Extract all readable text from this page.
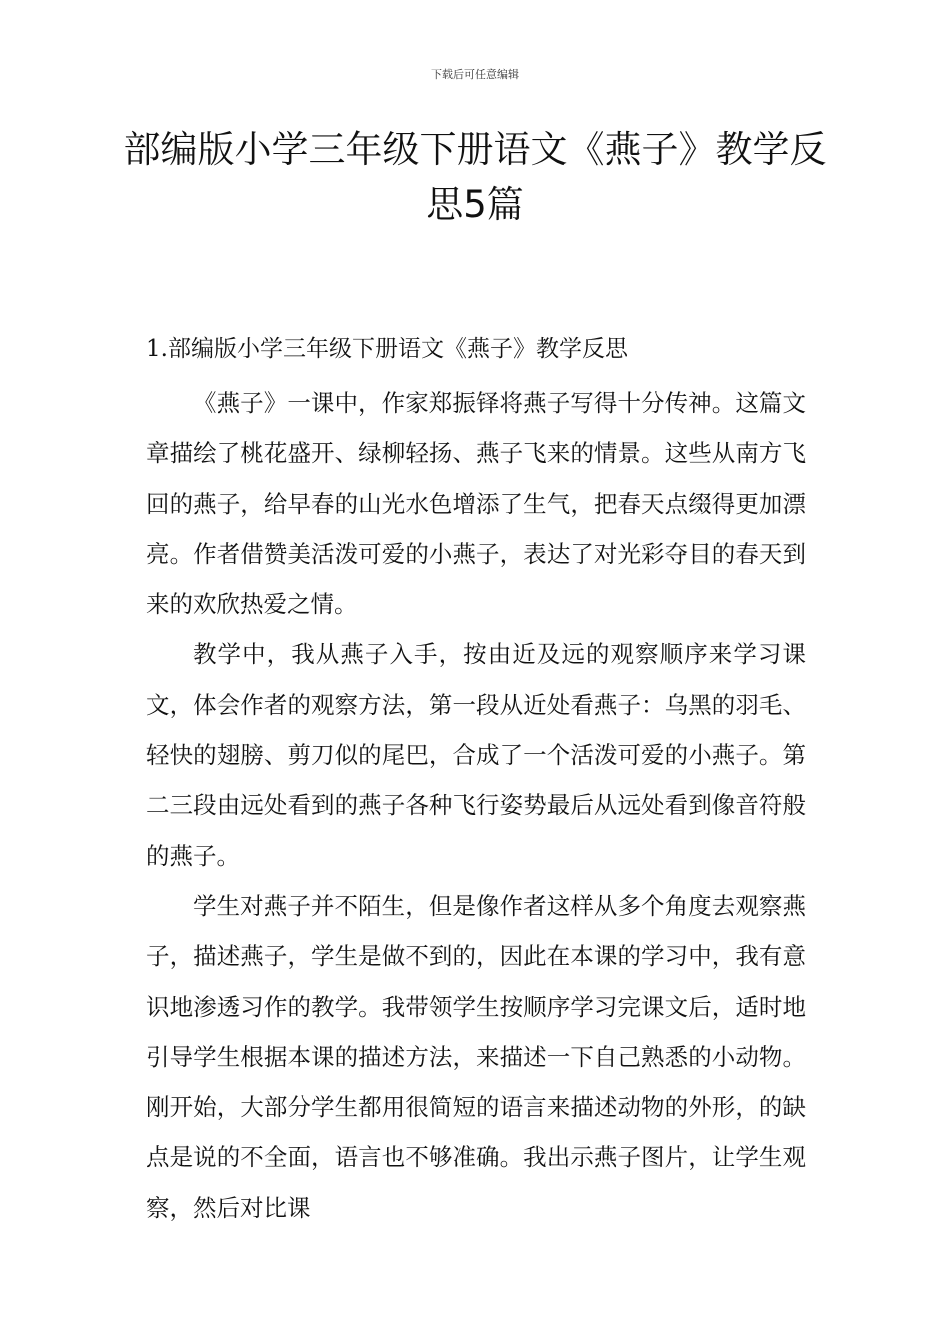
下载后可任意编辑
部编版小学三年级下册语文《燕子》教学反思5篇
1.部编版小学三年级下册语文《燕子》教学反思

《燕子》一课中，作家郑振铎将燕子写得十分传神。这篇文章描绘了桃花盛开、绿柳轻扬、燕子飞来的情景。这些从南方飞回的燕子，给早春的山光水色增添了生气，把春天点缀得更加漂亮。作者借赞美活泼可爱的小燕子，表达了对光彩夺目的春天到来的欢欣热爱之情。

教学中，我从燕子入手，按由近及远的观察顺序来学习课文，体会作者的观察方法，第一段从近处看燕子：乌黑的羽毛、轻快的翅膀、剪刀似的尾巴，合成了一个活泼可爱的小燕子。第二三段由远处看到的燕子各种飞行姿势最后从远处看到像音符般的燕子。

学生对燕子并不陌生，但是像作者这样从多个角度去观察燕子，描述燕子，学生是做不到的，因此在本课的学习中，我有意识地渗透习作的教学。我带领学生按顺序学习完课文后，适时地引导学生根据本课的描述方法，来描述一下自己熟悉的小动物。刚开始，大部分学生都用很简短的语言来描述动物的外形，的缺点是说的不全面，语言也不够准确。我出示燕子图片，让学生观察，然后对比课
